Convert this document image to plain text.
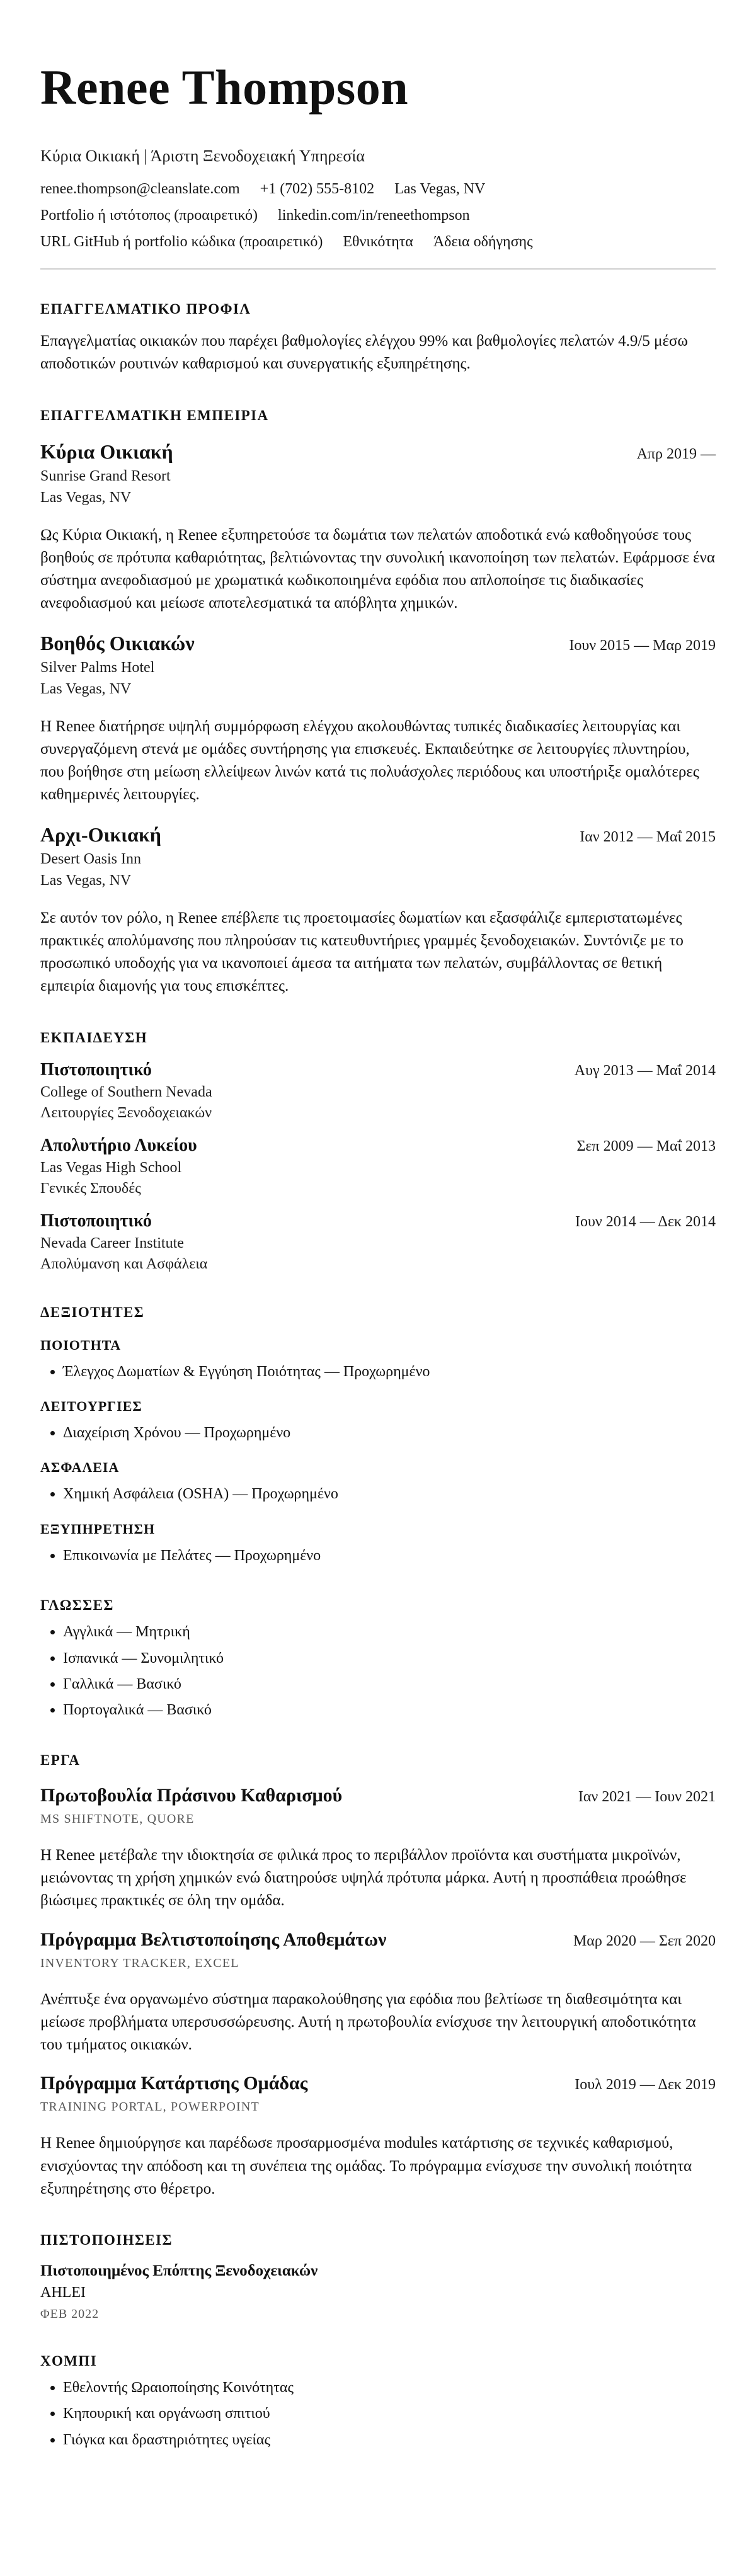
Renee Thompson
Κύρια Οικιακή | Άριστη Ξενοδοχειακή Υπηρεσία
renee.thompson@cleanslate.com +1 (702) 555-8102 Las Vegas, NV
Portfolio ή ιστότοπος (προαιρετικό) linkedin.com/in/reneethompson
URL GitHub ή portfolio κώδικα (προαιρετικό) Εθνικότητα Άδεια οδήγησης
ΕΠΑΓΓΕΛΜΑΤΙΚΟ ΠΡΟΦΙΛ

Επαγγελματίας οικιακών που παρέχει βαθμολογίες ελέγχου 99% και βαθμολογίες πελατών 4.9/5 μέσω αποδοτικών ρουτινών καθαρισμού και συνεργατικής εξυπηρέτησης.

ΕΠΑΓΓΕΛΜΑΤΙΚΗ ΕΜΠΕΙΡΙΑ
Κύρια Οικιακή	Απρ 2019 —
Sunrise Grand Resort
Las Vegas, NV

Ως Κύρια Οικιακή, η Renee εξυπηρετούσε τα δωμάτια των πελατών αποδοτικά ενώ καθοδηγούσε τους βοηθούς σε πρότυπα καθαριότητας, βελτιώνοντας την συνολική ικανοποίηση των πελατών. Εφάρμοσε ένα σύστημα ανεφοδιασμού με χρωματικά κωδικοποιημένα εφόδια που απλοποίησε τις διαδικασίες ανεφοδιασμού και μείωσε αποτελεσματικά τα απόβλητα χημικών.

Βοηθός Οικιακών	Ιουν 2015 — Μαρ 2019
Silver Palms Hotel
Las Vegas, NV

Η Renee διατήρησε υψηλή συμμόρφωση ελέγχου ακολουθώντας τυπικές διαδικασίες λειτουργίας και συνεργαζόμενη στενά με ομάδες συντήρησης για επισκευές. Εκπαιδεύτηκε σε λειτουργίες πλυντηρίου, που βοήθησε στη μείωση ελλείψεων λινών κατά τις πολυάσχολες περιόδους και υποστήριξε ομαλότερες καθημερινές λειτουργίες.

Αρχι-Οικιακή	Ιαν 2012 — Μαΐ 2015
Desert Oasis Inn
Las Vegas, NV

Σε αυτόν τον ρόλο, η Renee επέβλεπε τις προετοιμασίες δωματίων και εξασφάλιζε εμπεριστατωμένες πρακτικές απολύμανσης που πληρούσαν τις κατευθυντήριες γραμμές ξενοδοχειακών. Συντόνιζε με το προσωπικό υποδοχής για να ικανοποιεί άμεσα τα αιτήματα των πελατών, συμβάλλοντας σε θετική εμπειρία διαμονής για τους επισκέπτες.

ΕΚΠΑΙΔΕΥΣΗ
Πιστοποιητικό	Αυγ 2013 — Μαΐ 2014
College of Southern Nevada
Λειτουργίες Ξενοδοχειακών
Απολυτήριο Λυκείου	Σεπ 2009 — Μαΐ 2013
Las Vegas High School
Γενικές Σπουδές
Πιστοποιητικό	Ιουν 2014 — Δεκ 2014
Nevada Career Institute
Απολύμανση και Ασφάλεια
ΔΕΞΙΟΤΗΤΕΣ
ΠΟΙΟΤΗΤΑ
• Έλεγχος Δωματίων & Εγγύηση Ποιότητας — Προχωρημένο
ΛΕΙΤΟΥΡΓΙΕΣ
• Διαχείριση Χρόνου — Προχωρημένο
ΑΣΦΑΛΕΙΑ
• Χημική Ασφάλεια (OSHA) — Προχωρημένο
ΕΞΥΠΗΡΕΤΗΣΗ
• Επικοινωνία με Πελάτες — Προχωρημένο
ΓΛΩΣΣΕΣ
• Αγγλικά — Μητρική
• Ισπανικά — Συνομιλητικό
• Γαλλικά — Βασικό
• Πορτογαλικά — Βασικό
ΕΡΓΑ
Πρωτοβουλία Πράσινου Καθαρισμού	Ιαν 2021 — Ιουν 2021
MS SHIFTNOTE, QUORE

Η Renee μετέβαλε την ιδιοκτησία σε φιλικά προς το περιβάλλον προϊόντα και συστήματα μικροϊνών, μειώνοντας τη χρήση χημικών ενώ διατηρούσε υψηλά πρότυπα μάρκα. Αυτή η προσπάθεια προώθησε βιώσιμες πρακτικές σε όλη την ομάδα.

Πρόγραμμα Βελτιστοποίησης Αποθεμάτων	Μαρ 2020 — Σεπ 2020
INVENTORY TRACKER, EXCEL

Ανέπτυξε ένα οργανωμένο σύστημα παρακολούθησης για εφόδια που βελτίωσε τη διαθεσιμότητα και μείωσε προβλήματα υπερσυσσώρευσης. Αυτή η πρωτοβουλία ενίσχυσε την λειτουργική αποδοτικότητα του τμήματος οικιακών.

Πρόγραμμα Κατάρτισης Ομάδας	Ιουλ 2019 — Δεκ 2019
TRAINING PORTAL, POWERPOINT

Η Renee δημιούργησε και παρέδωσε προσαρμοσμένα modules κατάρτισης σε τεχνικές καθαρισμού, ενισχύοντας την απόδοση και τη συνέπεια της ομάδας. Το πρόγραμμα ενίσχυσε την συνολική ποιότητα εξυπηρέτησης στο θέρετρο.

ΠΙΣΤΟΠΟΙΗΣΕΙΣ
Πιστοποιημένος Επόπτης Ξενοδοχειακών
AHLEI
ΦΕΒ 2022
ΧΟΜΠΙ
• Εθελοντής Ωραιοποίησης Κοινότητας
• Κηπουρική και οργάνωση σπιτιού
• Γιόγκα και δραστηριότητες υγείας
